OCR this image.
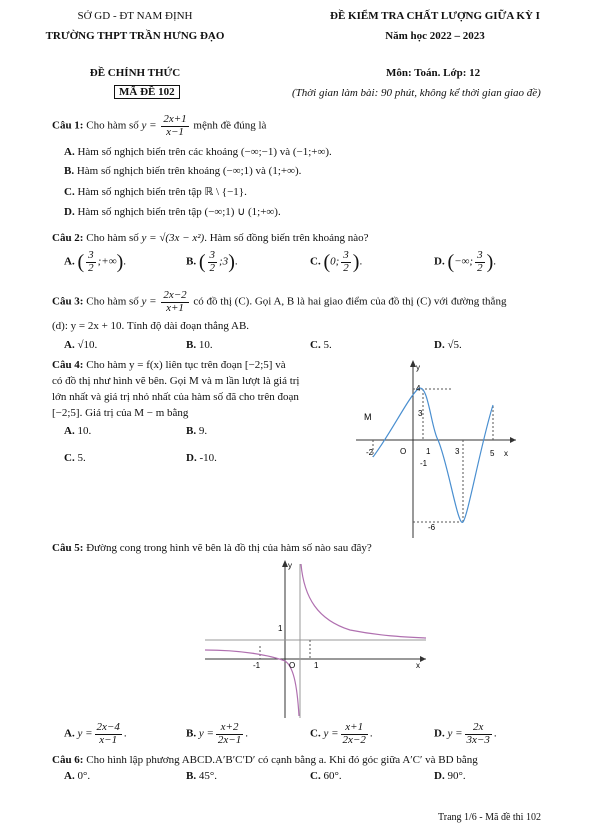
SỞ GD - ĐT NAM ĐỊNH
TRƯỜNG THPT TRẦN HƯNG ĐẠO
ĐỀ KIỂM TRA CHẤT LƯỢNG GIỮA KỲ I
Năm học 2022 – 2023
ĐỀ CHÍNH THỨC	Môn: Toán. Lớp: 12
MÃ ĐỀ 102	(Thời gian làm bài: 90 phút, không kể thời gian giao đề)
Câu 1: Cho hàm số $y = \frac{2x+1}{x-1}$ mệnh đề đúng là
A. Hàm số nghịch biến trên các khoảng (−∞;−1) và (−1;+∞).
B. Hàm số nghịch biến trên khoảng (−∞;1) và (1;+∞).
C. Hàm số nghịch biến trên tập ℝ \ {−1}.
D. Hàm số nghịch biến trên tập (−∞;1) ∪ (1;+∞).
Câu 2: Cho hàm số y = √(3x − x²). Hàm số đồng biến trên khoảng nào?
A. ( $\frac{3}{2}$ ;+∞).	B. ( $\frac{3}{2}$ ;3).	C. (0; $\frac{3}{2}$ ).	D. (−∞; $\frac{3}{2}$ ).
Câu 3: Cho hàm số $y = \frac{2x-2}{x+1}$ có đồ thị (C). Gọi A, B là hai giao điểm của đồ thị (C) với đường thẳng
(d): y = 2x + 10. Tính độ dài đoạn thẳng AB.
A. √10.	B. 10.	C. 5.	D. √5.
Câu 4: Cho hàm y = f(x) liên tục trên đoạn [−2;5] và
có đồ thị như hình vẽ bên. Gọi M và m lần lượt là giá trị
lớn nhất và giá trị nhỏ nhất của hàm số đã cho trên đoạn
[−2;5]. Giá trị của M − m bằng
A. 10.	B. 9.
C. 5.	D. -10.
4
3
M
-2	O 1
-1
3	5 x
y
-6
Câu 5: Đường cong trong hình vẽ bên là đồ thị của hàm số nào sau đây?
y
1
-1	O 1	x
A. $y = \frac{2x-4}{x-1}$ .	B. $y = \frac{x+2}{2x-1}$ .	C. $y = \frac{x+1}{2x-2}$ .	D. $y = \frac{2x}{3x-3}$ .
Câu 6: Cho hình lập phương ABCD.A′B′C′D′ có cạnh bằng a. Khi đó góc giữa A′C′ và BD bằng
A. 0°.	B. 45°.	C. 60°.	D. 90°.
Trang 1/6 - Mã đề thi 102
